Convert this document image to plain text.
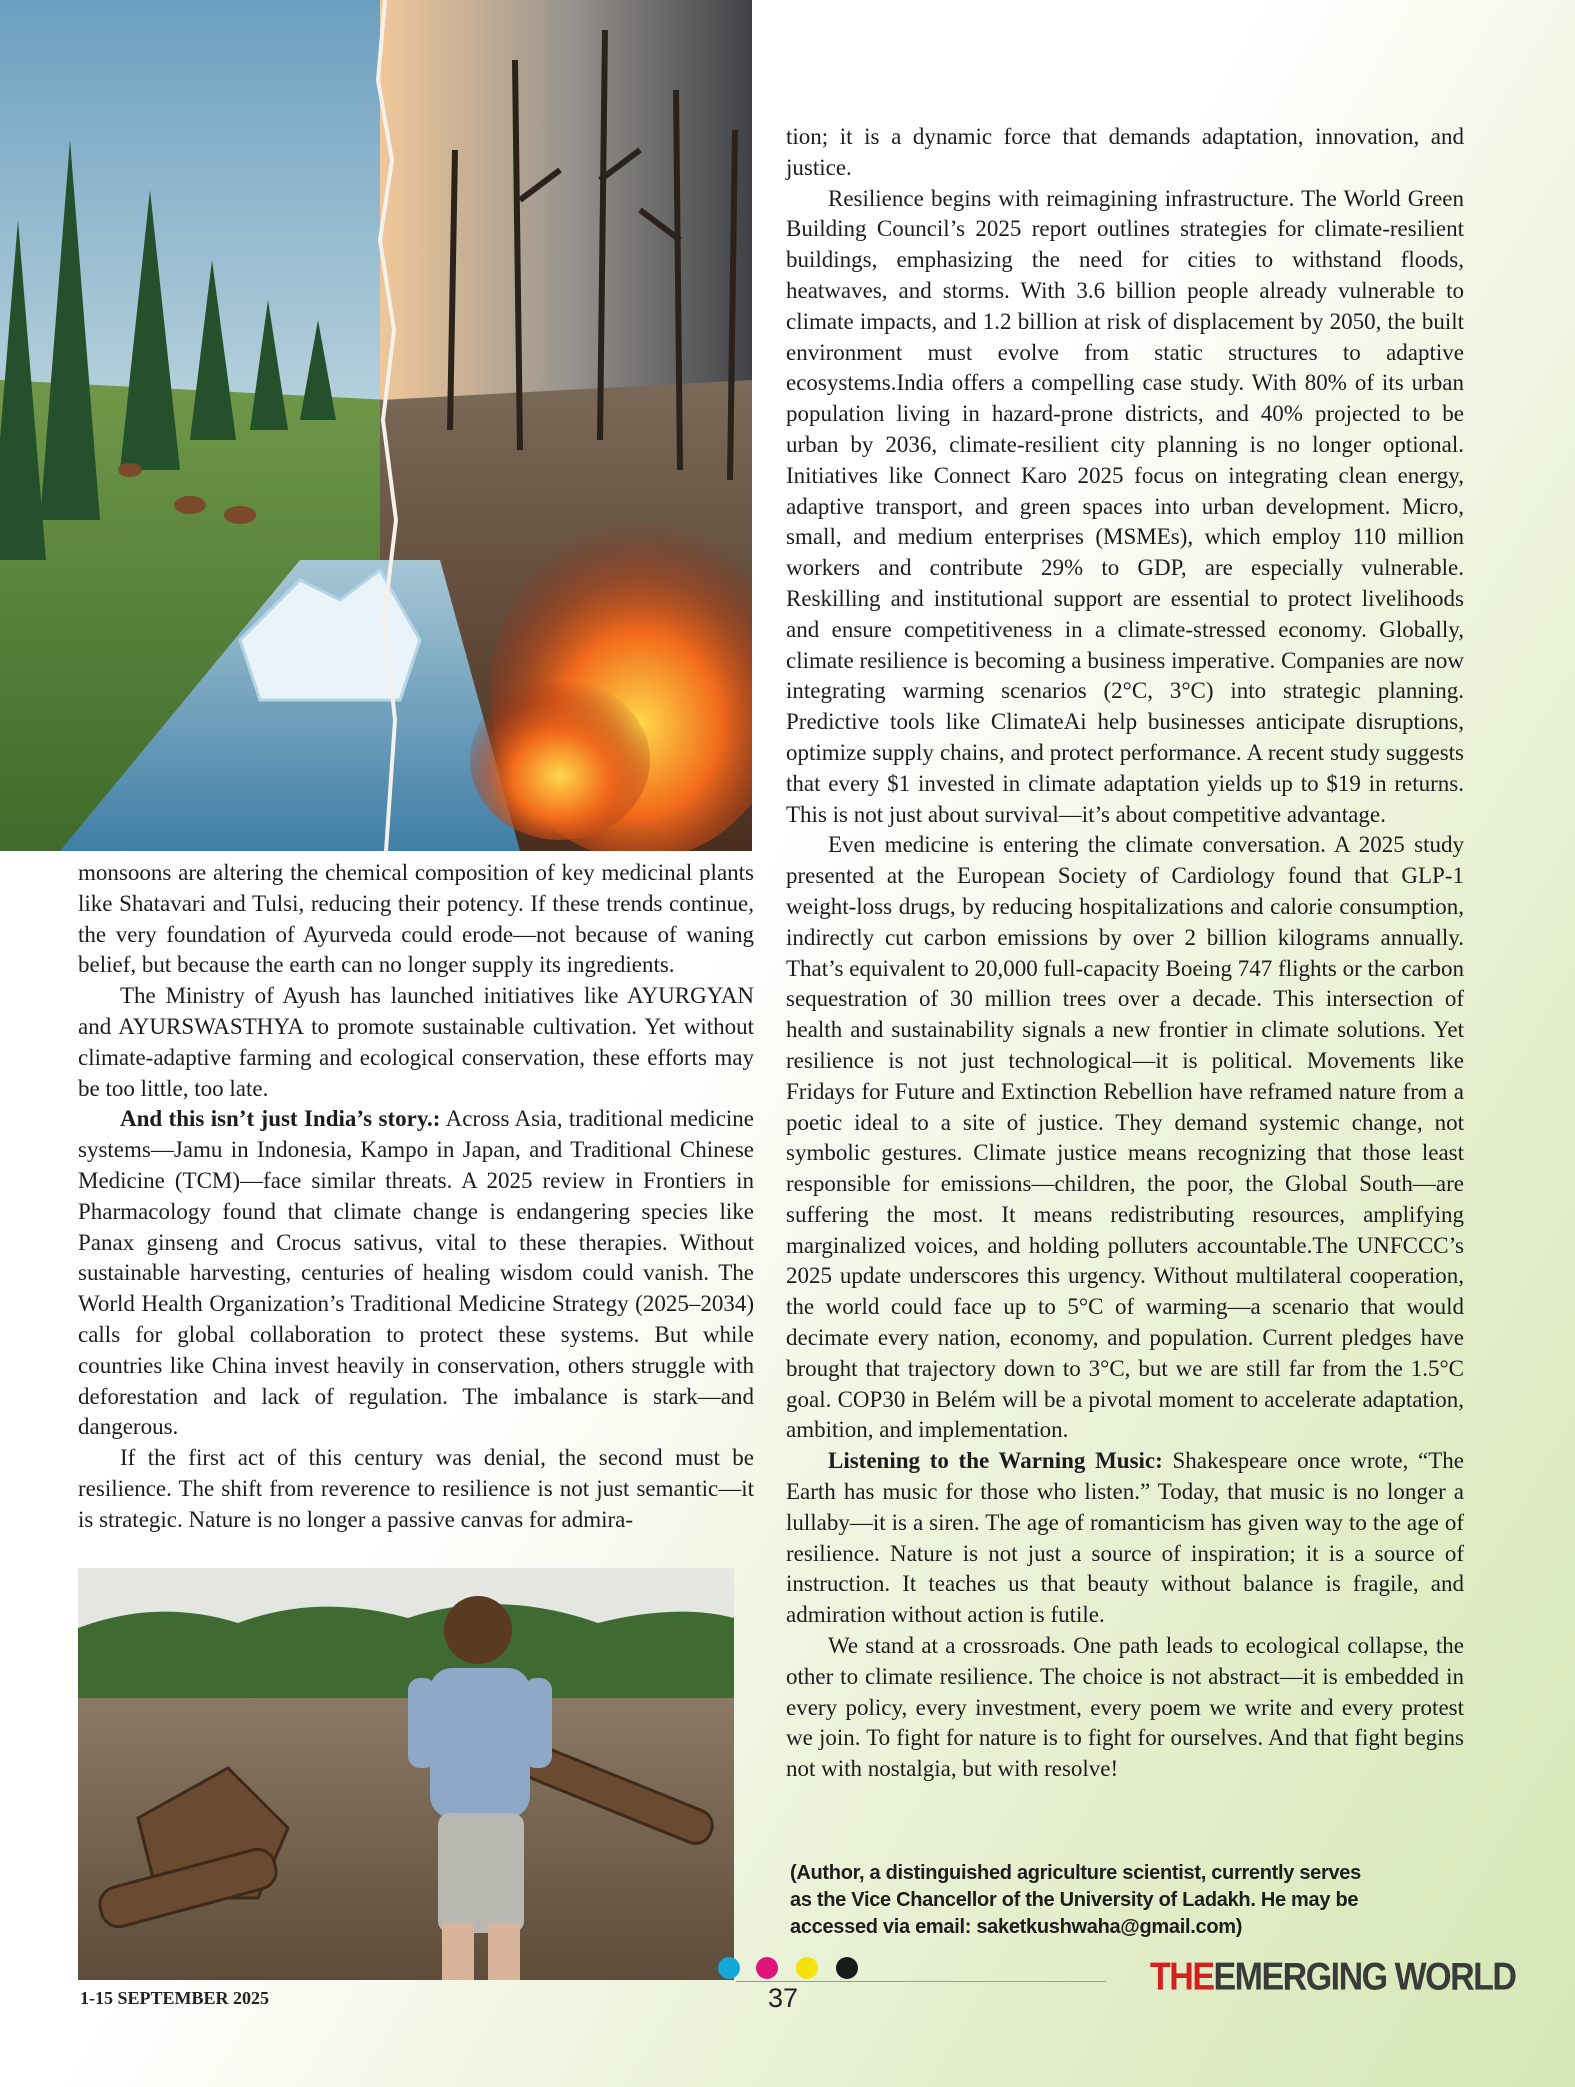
monsoons are altering the chemical composition of key medicinal plants like Shatavari and Tulsi, reducing their potency. If these trends continue, the very foundation of Ayurveda could erode—not because of waning belief, but because the earth can no longer supply its ingredients.

The Ministry of Ayush has launched initiatives like AYURGYAN and AYURSWASTHYA to promote sustainable cultivation. Yet without climate-adaptive farming and ecological conservation, these efforts may be too little, too late.

And this isn’t just India’s story.: Across Asia, traditional medicine systems—Jamu in Indonesia, Kampo in Japan, and Traditional Chinese Medicine (TCM)—face similar threats. A 2025 review in Frontiers in Pharmacology found that climate change is endangering species like Panax ginseng and Crocus sativus, vital to these therapies. Without sustainable harvesting, centuries of healing wisdom could vanish. The World Health Organization’s Traditional Medicine Strategy (2025–2034) calls for global collaboration to protect these systems. But while countries like China invest heavily in conservation, others struggle with deforestation and lack of regulation. The imbalance is stark—and dangerous.

If the first act of this century was denial, the second must be resilience. The shift from reverence to resilience is not just semantic—it is strategic. Nature is no longer a passive canvas for admira-

tion; it is a dynamic force that demands adaptation, innovation, and justice.

Resilience begins with reimagining infrastructure. The World Green Building Council’s 2025 report outlines strategies for climate-resilient buildings, emphasizing the need for cities to withstand floods, heatwaves, and storms. With 3.6 billion people already vulnerable to climate impacts, and 1.2 billion at risk of displacement by 2050, the built environment must evolve from static structures to adaptive ecosystems.India offers a compelling case study. With 80% of its urban population living in hazard-prone districts, and 40% projected to be urban by 2036, climate-resilient city planning is no longer optional. Initiatives like Connect Karo 2025 focus on integrating clean energy, adaptive transport, and green spaces into urban development. Micro, small, and medium enterprises (MSMEs), which employ 110 million workers and contribute 29% to GDP, are especially vulnerable. Reskilling and institutional support are essential to protect livelihoods and ensure competitiveness in a climate-stressed economy. Globally, climate resilience is becoming a business imperative. Companies are now integrating warming scenarios (2°C, 3°C) into strategic planning. Predictive tools like ClimateAi help businesses anticipate disruptions, optimize supply chains, and protect performance. A recent study suggests that every $1 invested in climate adaptation yields up to $19 in returns. This is not just about survival—it’s about competitive advantage.

Even medicine is entering the climate conversation. A 2025 study presented at the European Society of Cardiology found that GLP-1 weight-loss drugs, by reducing hospitalizations and calorie consumption, indirectly cut carbon emissions by over 2 billion kilograms annually. That’s equivalent to 20,000 full-capacity Boeing 747 flights or the carbon sequestration of 30 million trees over a decade. This intersection of health and sustainability signals a new frontier in climate solutions. Yet resilience is not just technological—it is political. Movements like Fridays for Future and Extinction Rebellion have reframed nature from a poetic ideal to a site of justice. They demand systemic change, not symbolic gestures. Climate justice means recognizing that those least responsible for emissions—children, the poor, the Global South—are suffering the most. It means redistributing resources, amplifying marginalized voices, and holding polluters accountable.The UNFCCC’s 2025 update underscores this urgency. Without multilateral cooperation, the world could face up to 5°C of warming—a scenario that would decimate every nation, economy, and population. Current pledges have brought that trajectory down to 3°C, but we are still far from the 1.5°C goal. COP30 in Belém will be a pivotal moment to accelerate adaptation, ambition, and implementation.

Listening to the Warning Music: Shakespeare once wrote, “The Earth has music for those who listen.” Today, that music is no longer a lullaby—it is a siren. The age of romanticism has given way to the age of resilience. Nature is not just a source of inspiration; it is a source of instruction. It teaches us that beauty without balance is fragile, and admiration without action is futile.

We stand at a crossroads. One path leads to ecological collapse, the other to climate resilience. The choice is not abstract—it is embedded in every policy, every investment, every poem we write and every protest we join. To fight for nature is to fight for ourselves. And that fight begins not with nostalgia, but with resolve!

(Author, a distinguished agriculture scientist, currently serves
as the Vice Chancellor of the University of Ladakh. He may be
accessed via email: saketkushwaha@gmail.com)
1-15 SEPTEMBER 2025	37	THEEMERGING WORLD
